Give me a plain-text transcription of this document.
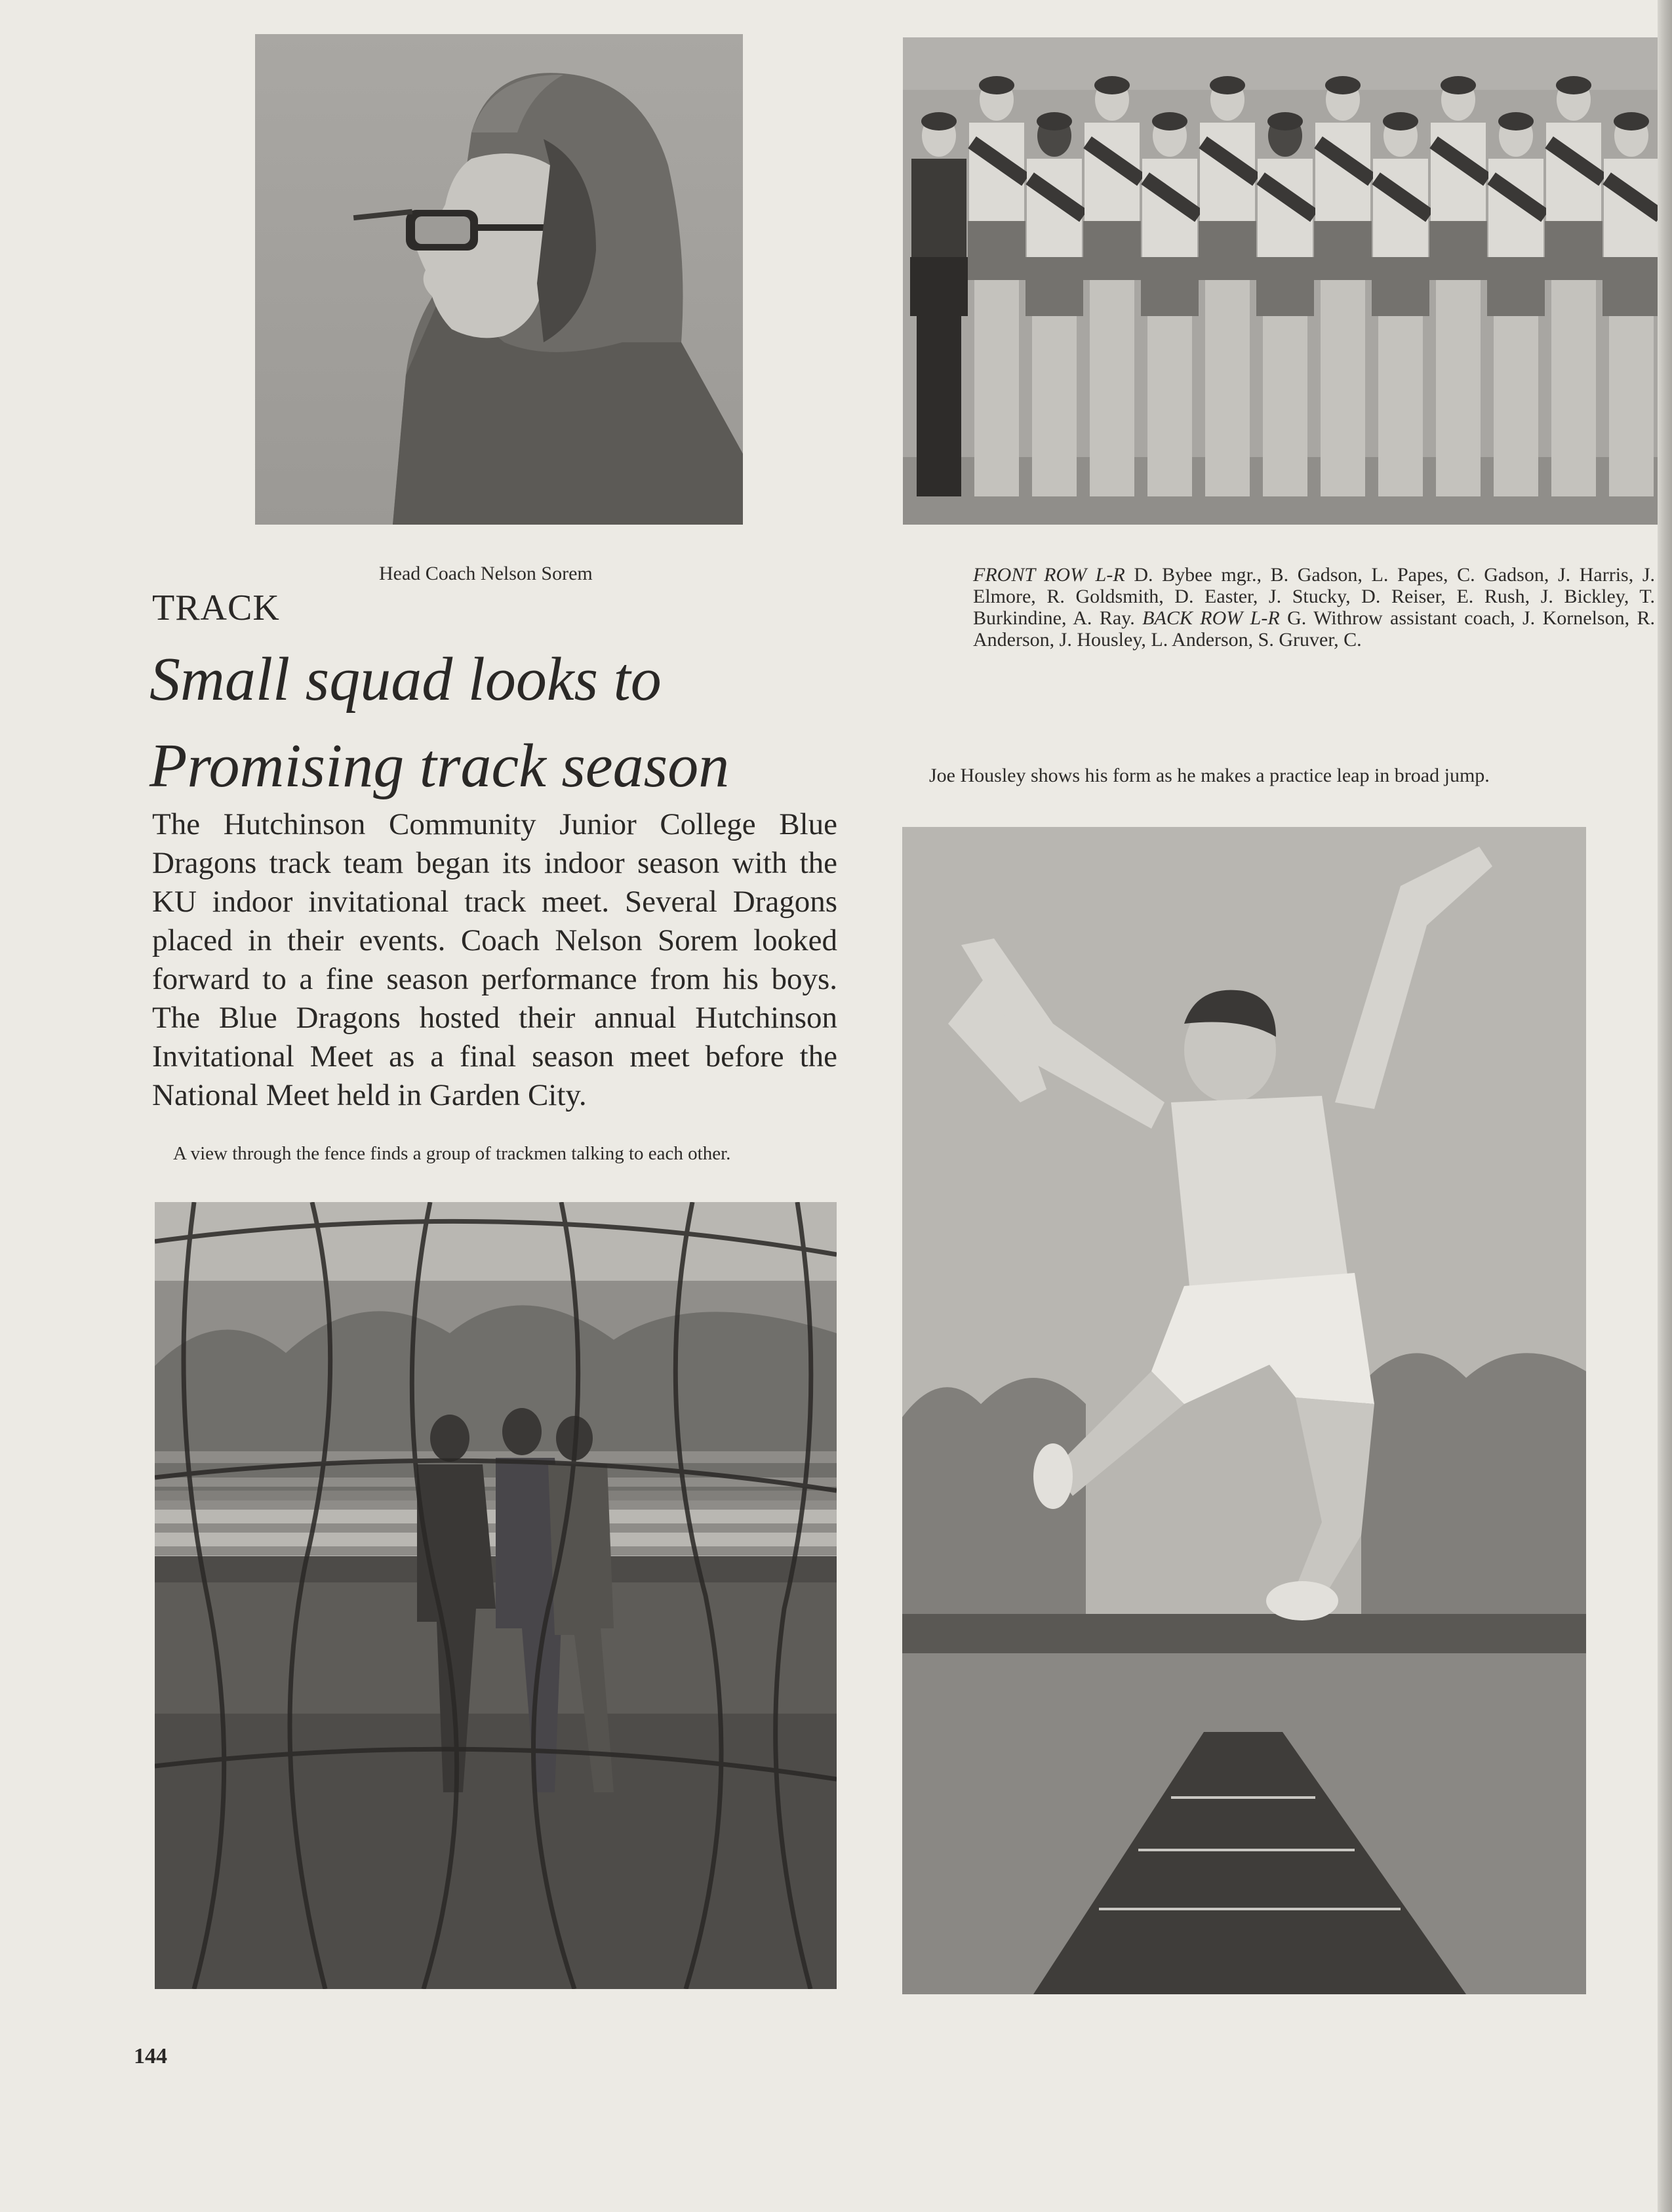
Head Coach Nelson Sorem
TRACK
Small squad looks to
Promising track season
The Hutchinson Community Junior College Blue Dragons track team began its indoor season with the KU indoor invitational track meet. Several Dragons placed in their events. Coach Nelson Sorem looked forward to a fine season performance from his boys. The Blue Dragons hosted their annual Hutchinson Invitational Meet as a final season meet before the National Meet held in Garden City.
FRONT ROW L-R D. Bybee mgr., B. Gadson, L. Papes, C. Gadson, J. Harris, J. Elmore, R. Goldsmith, D. Easter, J. Stucky, D. Reiser, E. Rush, J. Bickley, T. Burkindine, A. Ray. BACK ROW L-R G. Withrow assistant coach, J. Kornelson, R. Anderson, J. Housley, L. Anderson, S. Gruver, C.
Joe Housley shows his form as he makes a practice leap in broad jump.
A view through the fence finds a group of trackmen talking to each other.
144
